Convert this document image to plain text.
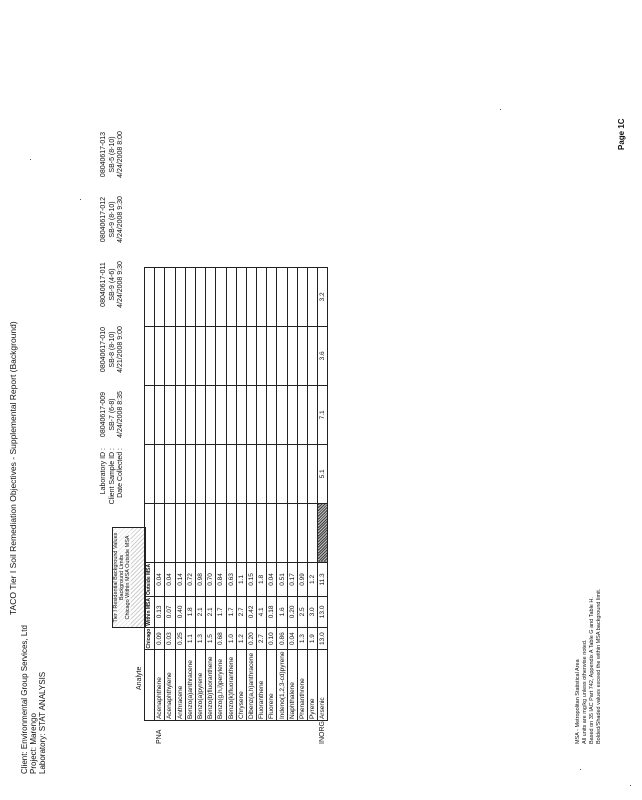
Client: Environmental Group Services, Ltd
Project: Marengo
Laboratory: STAT ANALYSIS
TACO Tier I Soil Remediation Objectives - Supplemental Report (Background)
Page 1C
Laboratory ID :	08040617-009	08040617-010	08040617-011	08040617-012	08040617-013
Client Sample ID :	SB-7 (6-8)	SB-8 (8-10)	SB-9 (4-6)	SB-9 (8-10)	SB-5 (8-10)
Date Collected :	4/24/2008 8:35	4/21/2008 9:00	4/24/2008 9:30	4/24/2008 9:30	4/24/2008 8:00
Tier I Residential Background Values Background Limits Chicago Within MSA Outside MSA
Analyte
		Chicago	Within MSA	Outside MSA					
PNA	Acenaphthene	0.09	0.13	0.04					
	Acenaphthylene	0.03	0.07	0.04					
	Anthracene	0.25	0.40	0.14					
	Benzo(a)anthracene	1.1	1.8	0.72					
	Benzo(a)pyrene	1.3	2.1	0.98					
	Benzo(b)fluoranthene	1.5	2.1	0.70					
	Benzo(g,h,i)perylene	0.68	1.7	0.84					
	Benzo(k)fluoranthene	1.0	1.7	0.63					
	Chrysene	1.2	2.7	1.1					
	Dibenz(a,h)anthracene	0.20	0.42	0.15					
	Fluoranthene	2.7	4.1	1.8					
	Fluorene	0.10	0.18	0.04					
	Indeno(1,2,3-cd)pyrene	0.86	1.6	0.51					
	Naphthalene	0.04	0.20	0.17					
	Phenanthrene	1.3	2.5	0.99					
	Pyrene	1.9	3.0	1.2					
INORG	Arsenic	13.0	13.0	11.3		5.1	7.1	3.6	3.2
MSA - Metropolitan Statistical Area All units are mg/kg unless otherwise noted. Based on 35 IAC Part 742, Appendix A Table G and Table H. Bolded/Shaded values exceed the within MSA background limit.
